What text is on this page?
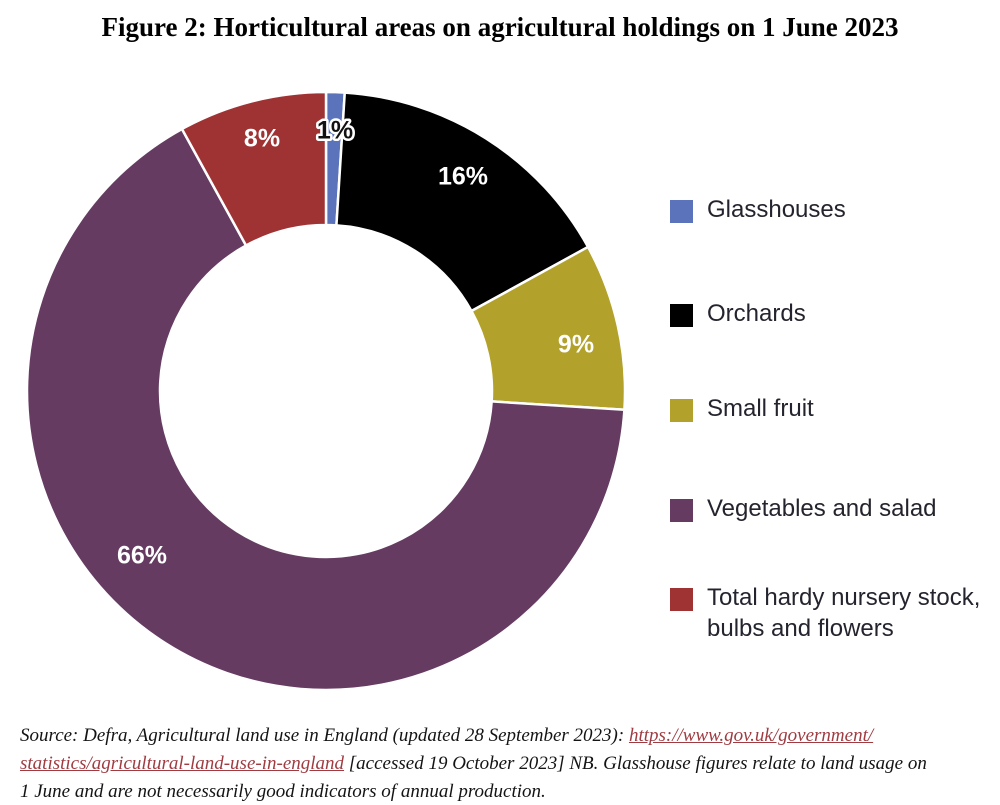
Figure 2: Horticultural areas on agricultural holdings on 1 June 2023
1%
16%
9%
66%
8%
Glasshouses
Orchards
Small fruit
Vegetables and salad
Total hardy nursery stock, bulbs and flowers

Source: Defra, Agricultural land use in England (updated 28 September 2023): https://www.gov.uk/government/
statistics/agricultural-land-use-in-england [accessed 19 October 2023] NB. Glasshouse figures relate to land usage on 1 June and are not necessarily good indicators of annual production.
